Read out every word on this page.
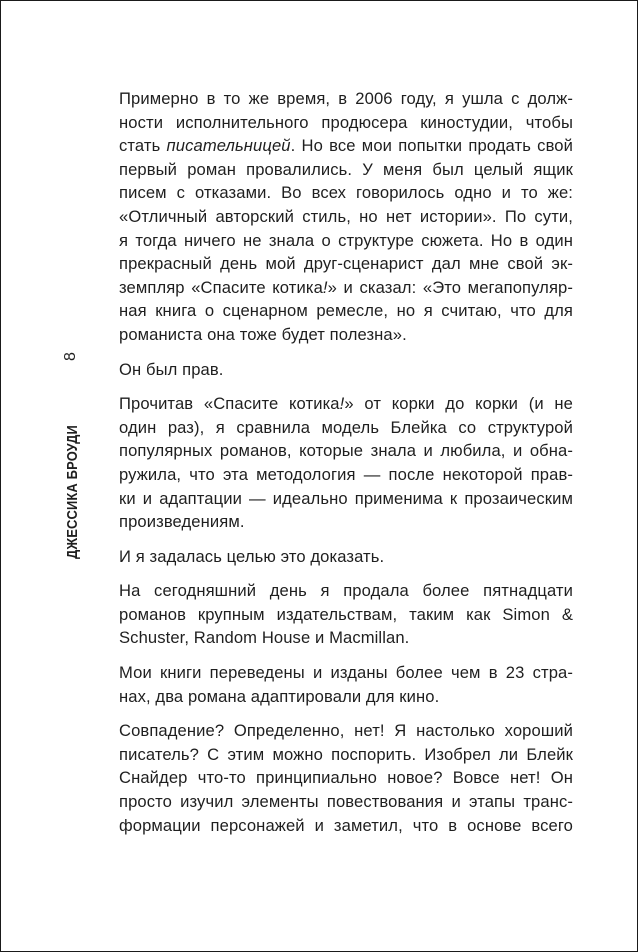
ДЖЕССИКА БРОУДИ
8

Примерно в то же время, в 2006 году, я ушла с долж-
ности исполнительного продюсера киностудии, чтобы
стать писательницей. Но все мои попытки продать свой
первый роман провалились. У меня был целый ящик
писем с отказами. Во всех говорилось одно и то же:
«Отличный авторский стиль, но нет истории». По сути,
я тогда ничего не знала о структуре сюжета. Но в один
прекрасный день мой друг-сценарист дал мне свой эк-
земпляр «Спасите котика!» и сказал: «Это мегапопуляр-
ная книга о сценарном ремесле, но я считаю, что для
романиста она тоже будет полезна».

Он был прав.

Прочитав «Спасите котика!» от корки до корки (и не
один раз), я сравнила модель Блейка со структурой
популярных романов, которые знала и любила, и обна-
ружила, что эта методология — после некоторой прав-
ки и адаптации — идеально применима к прозаическим
произведениям.

И я задалась целью это доказать.

На сегодняшний день я продала более пятнадцати
романов крупным издательствам, таким как Simon &
Schuster, Random House и Macmillan.

Мои книги переведены и изданы более чем в 23 стра-
нах, два романа адаптировали для кино.

Совпадение? Определенно, нет! Я настолько хороший
писатель? С этим можно поспорить. Изобрел ли Блейк
Снайдер что-то принципиально новое? Вовсе нет! Он
просто изучил элементы повествования и этапы транс-
формации персонажей и заметил, что в основе всего
